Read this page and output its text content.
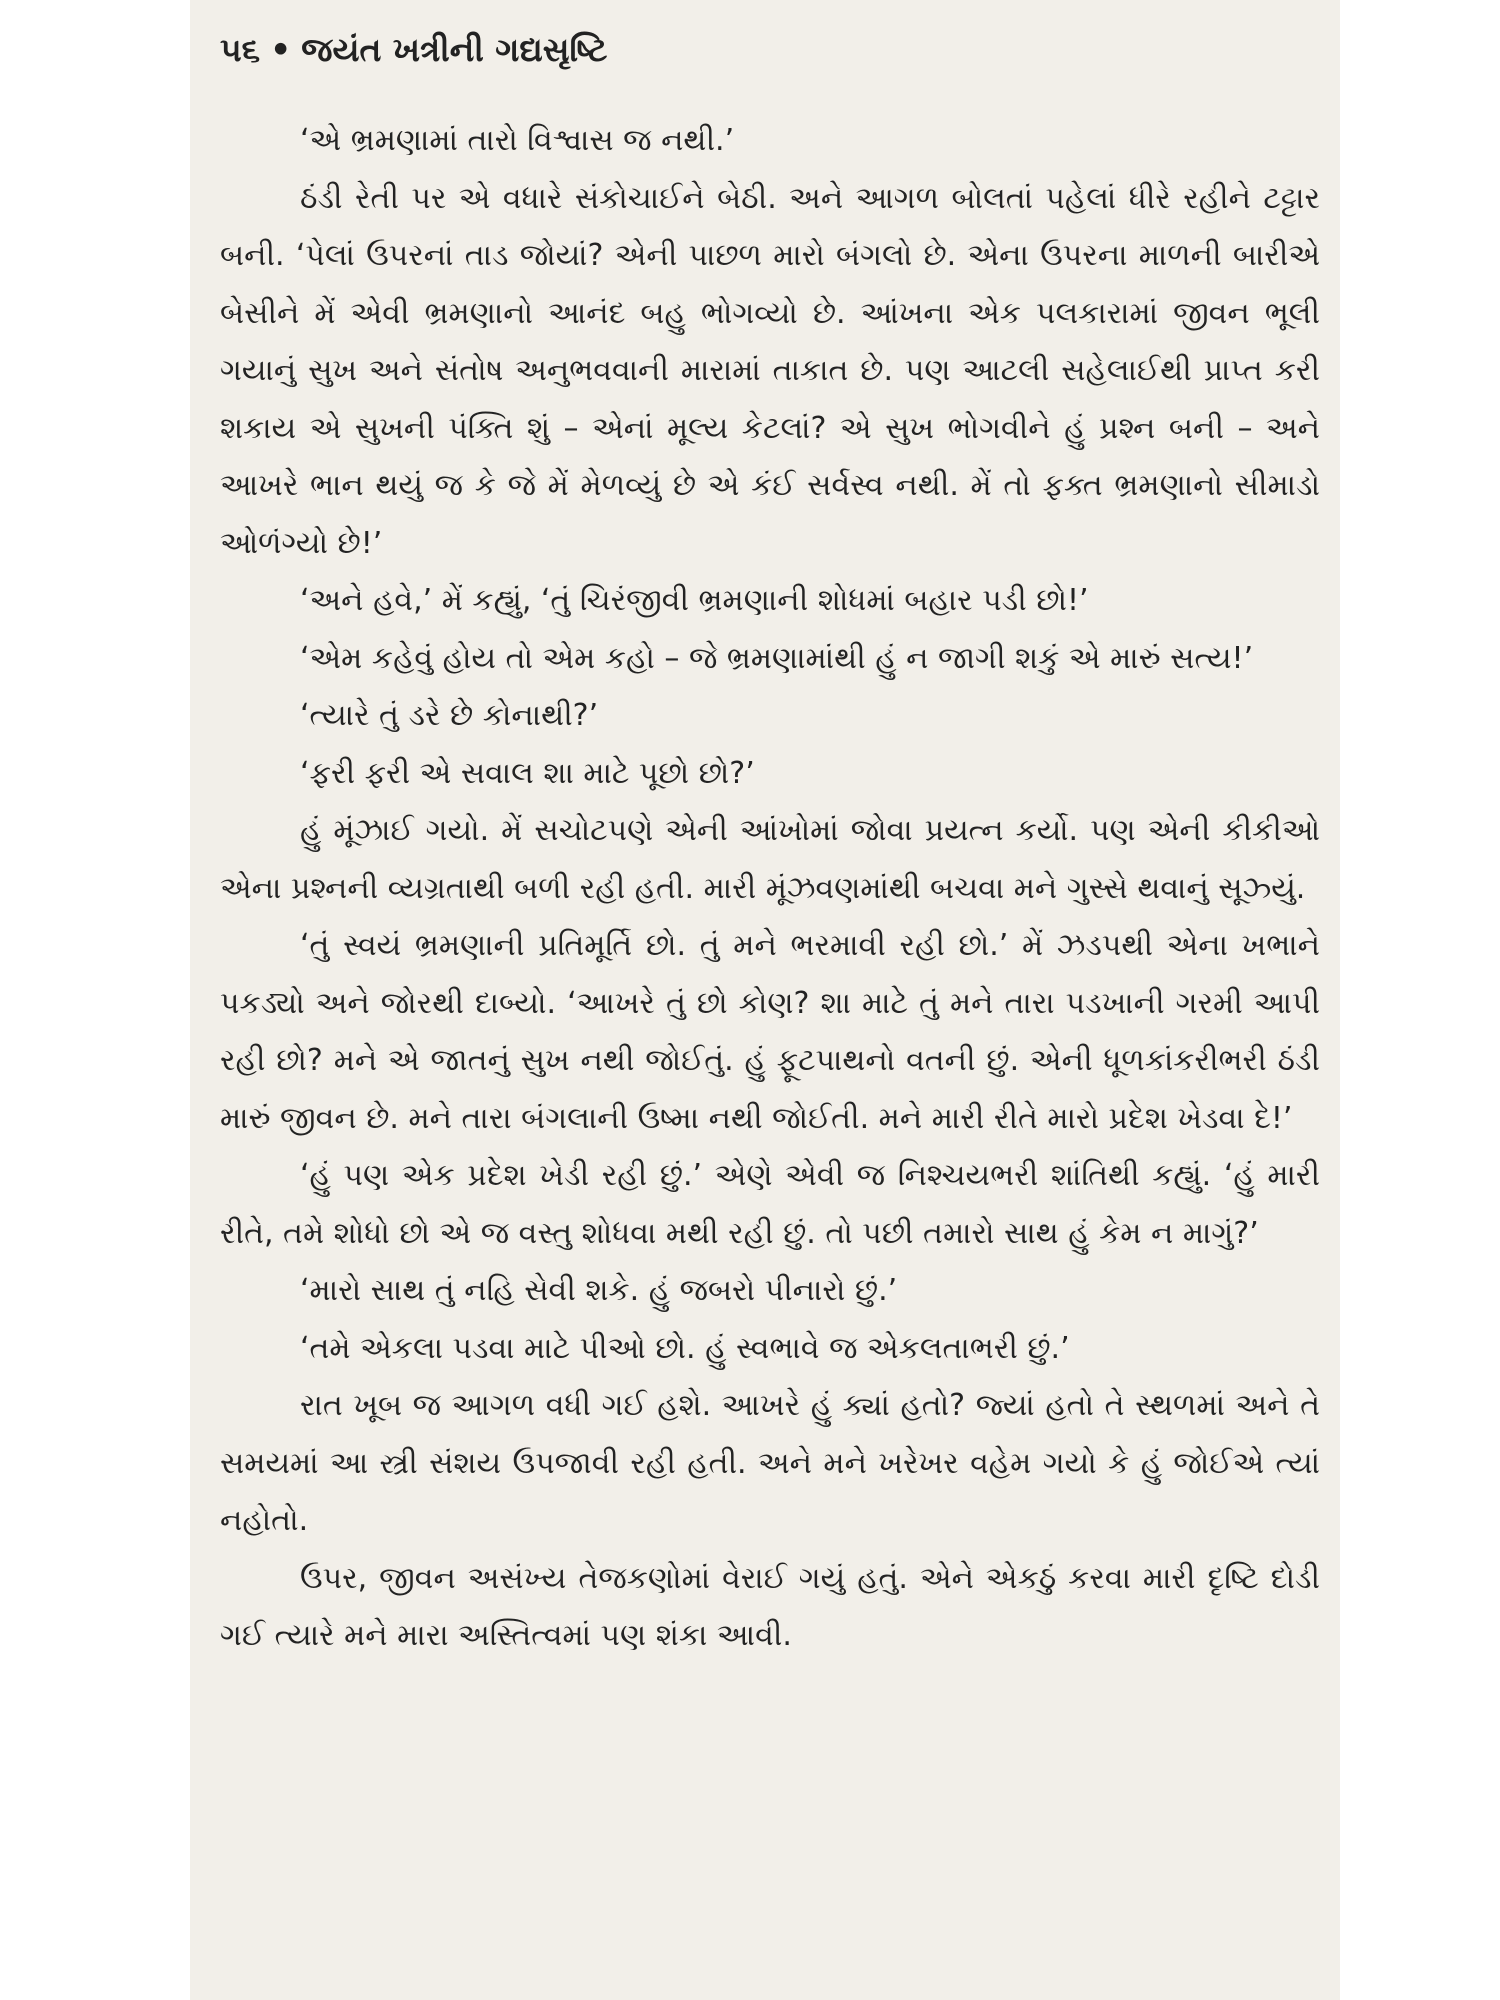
૫૬ • જયંત ખત્રીની ગદ્યસૃષ્ટિ

‘એ ભ્રમણામાં તારો વિશ્વાસ જ નથી.’

ઠંડી રેતી પર એ વધારે સંકોચાઈને બેઠી. અને આગળ બોલતાં પહેલાં ધીરે રહીને ટટ્ટાર બની. ‘પેલાં ઉપરનાં તાડ જોયાં? એની પાછળ મારો બંગલો છે. એના ઉપરના માળની બારીએ બેસીને મેં એવી ભ્રમણાનો આનંદ બહુ ભોગવ્યો છે. આંખના એક પલકારામાં જીવન ભૂલી ગયાનું સુખ અને સંતોષ અનુભવવાની મારામાં તાકાત છે. પણ આટલી સહેલાઈથી પ્રાપ્ત કરી શકાય એ સુખની પંક્તિ શું – એનાં મૂલ્ય કેટલાં? એ સુખ ભોગવીને હું પ્રશ્ન બની – અને આખરે ભાન થયું જ કે જે મેં મેળવ્યું છે એ કંઈ સર્વસ્વ નથી. મેં તો ફક્ત ભ્રમણાનો સીમાડો ઓળંગ્યો છે!’

‘અને હવે,’ મેં કહ્યું, ‘તું ચિરંજીવી ભ્રમણાની શોધમાં બહાર પડી છો!’

‘એમ કહેવું હોય તો એમ કહો – જે ભ્રમણામાંથી હું ન જાગી શકું એ મારું સત્ય!’

‘ત્યારે તું ડરે છે કોનાથી?’

‘ફરી ફરી એ સવાલ શા માટે પૂછો છો?’

હું મૂંઝાઈ ગયો. મેં સચોટપણે એની આંખોમાં જોવા પ્રયત્ન કર્યો. પણ એની કીકીઓ એના પ્રશ્નની વ્યગ્રતાથી બળી રહી હતી. મારી મૂંઝવણમાંથી બચવા મને ગુસ્સે થવાનું સૂઝ્યું.

‘તું સ્વયં ભ્રમણાની પ્રતિમૂર્તિ છો. તું મને ભરમાવી રહી છો.’ મેં ઝડપથી એના ખભાને પકડ્યો અને જોરથી દાબ્યો. ‘આખરે તું છો કોણ? શા માટે તું મને તારા પડખાની ગરમી આપી રહી છો? મને એ જાતનું સુખ નથી જોઈતું. હું ફૂટપાથનો વતની છું. એની ધૂળકાંકરીભરી ઠંડી મારું જીવન છે. મને તારા બંગલાની ઉષ્મા નથી જોઈતી. મને મારી રીતે મારો પ્રદેશ ખેડવા દે!’

‘હું પણ એક પ્રદેશ ખેડી રહી છું.’ એણે એવી જ નિશ્ચયભરી શાંતિથી કહ્યું. ‘હું મારી રીતે, તમે શોધો છો એ જ વસ્તુ શોધવા મથી રહી છું. તો પછી તમારો સાથ હું કેમ ન માગું?’

‘મારો સાથ તું નહિ સેવી શકે. હું જબરો પીનારો છું.’

‘તમે એકલા પડવા માટે પીઓ છો. હું સ્વભાવે જ એકલતાભરી છું.’

રાત ખૂબ જ આગળ વધી ગઈ હશે. આખરે હું ક્યાં હતો? જ્યાં હતો તે સ્થળમાં અને તે સમયમાં આ સ્ત્રી સંશય ઉપજાવી રહી હતી. અને મને ખરેખર વહેમ ગયો કે હું જોઈએ ત્યાં નહોતો.

ઉપર, જીવન અસંખ્ય તેજકણોમાં વેરાઈ ગયું હતું. એને એકઠું કરવા મારી દૃષ્ટિ દોડી ગઈ ત્યારે મને મારા અસ્તિત્વમાં પણ શંકા આવી.
